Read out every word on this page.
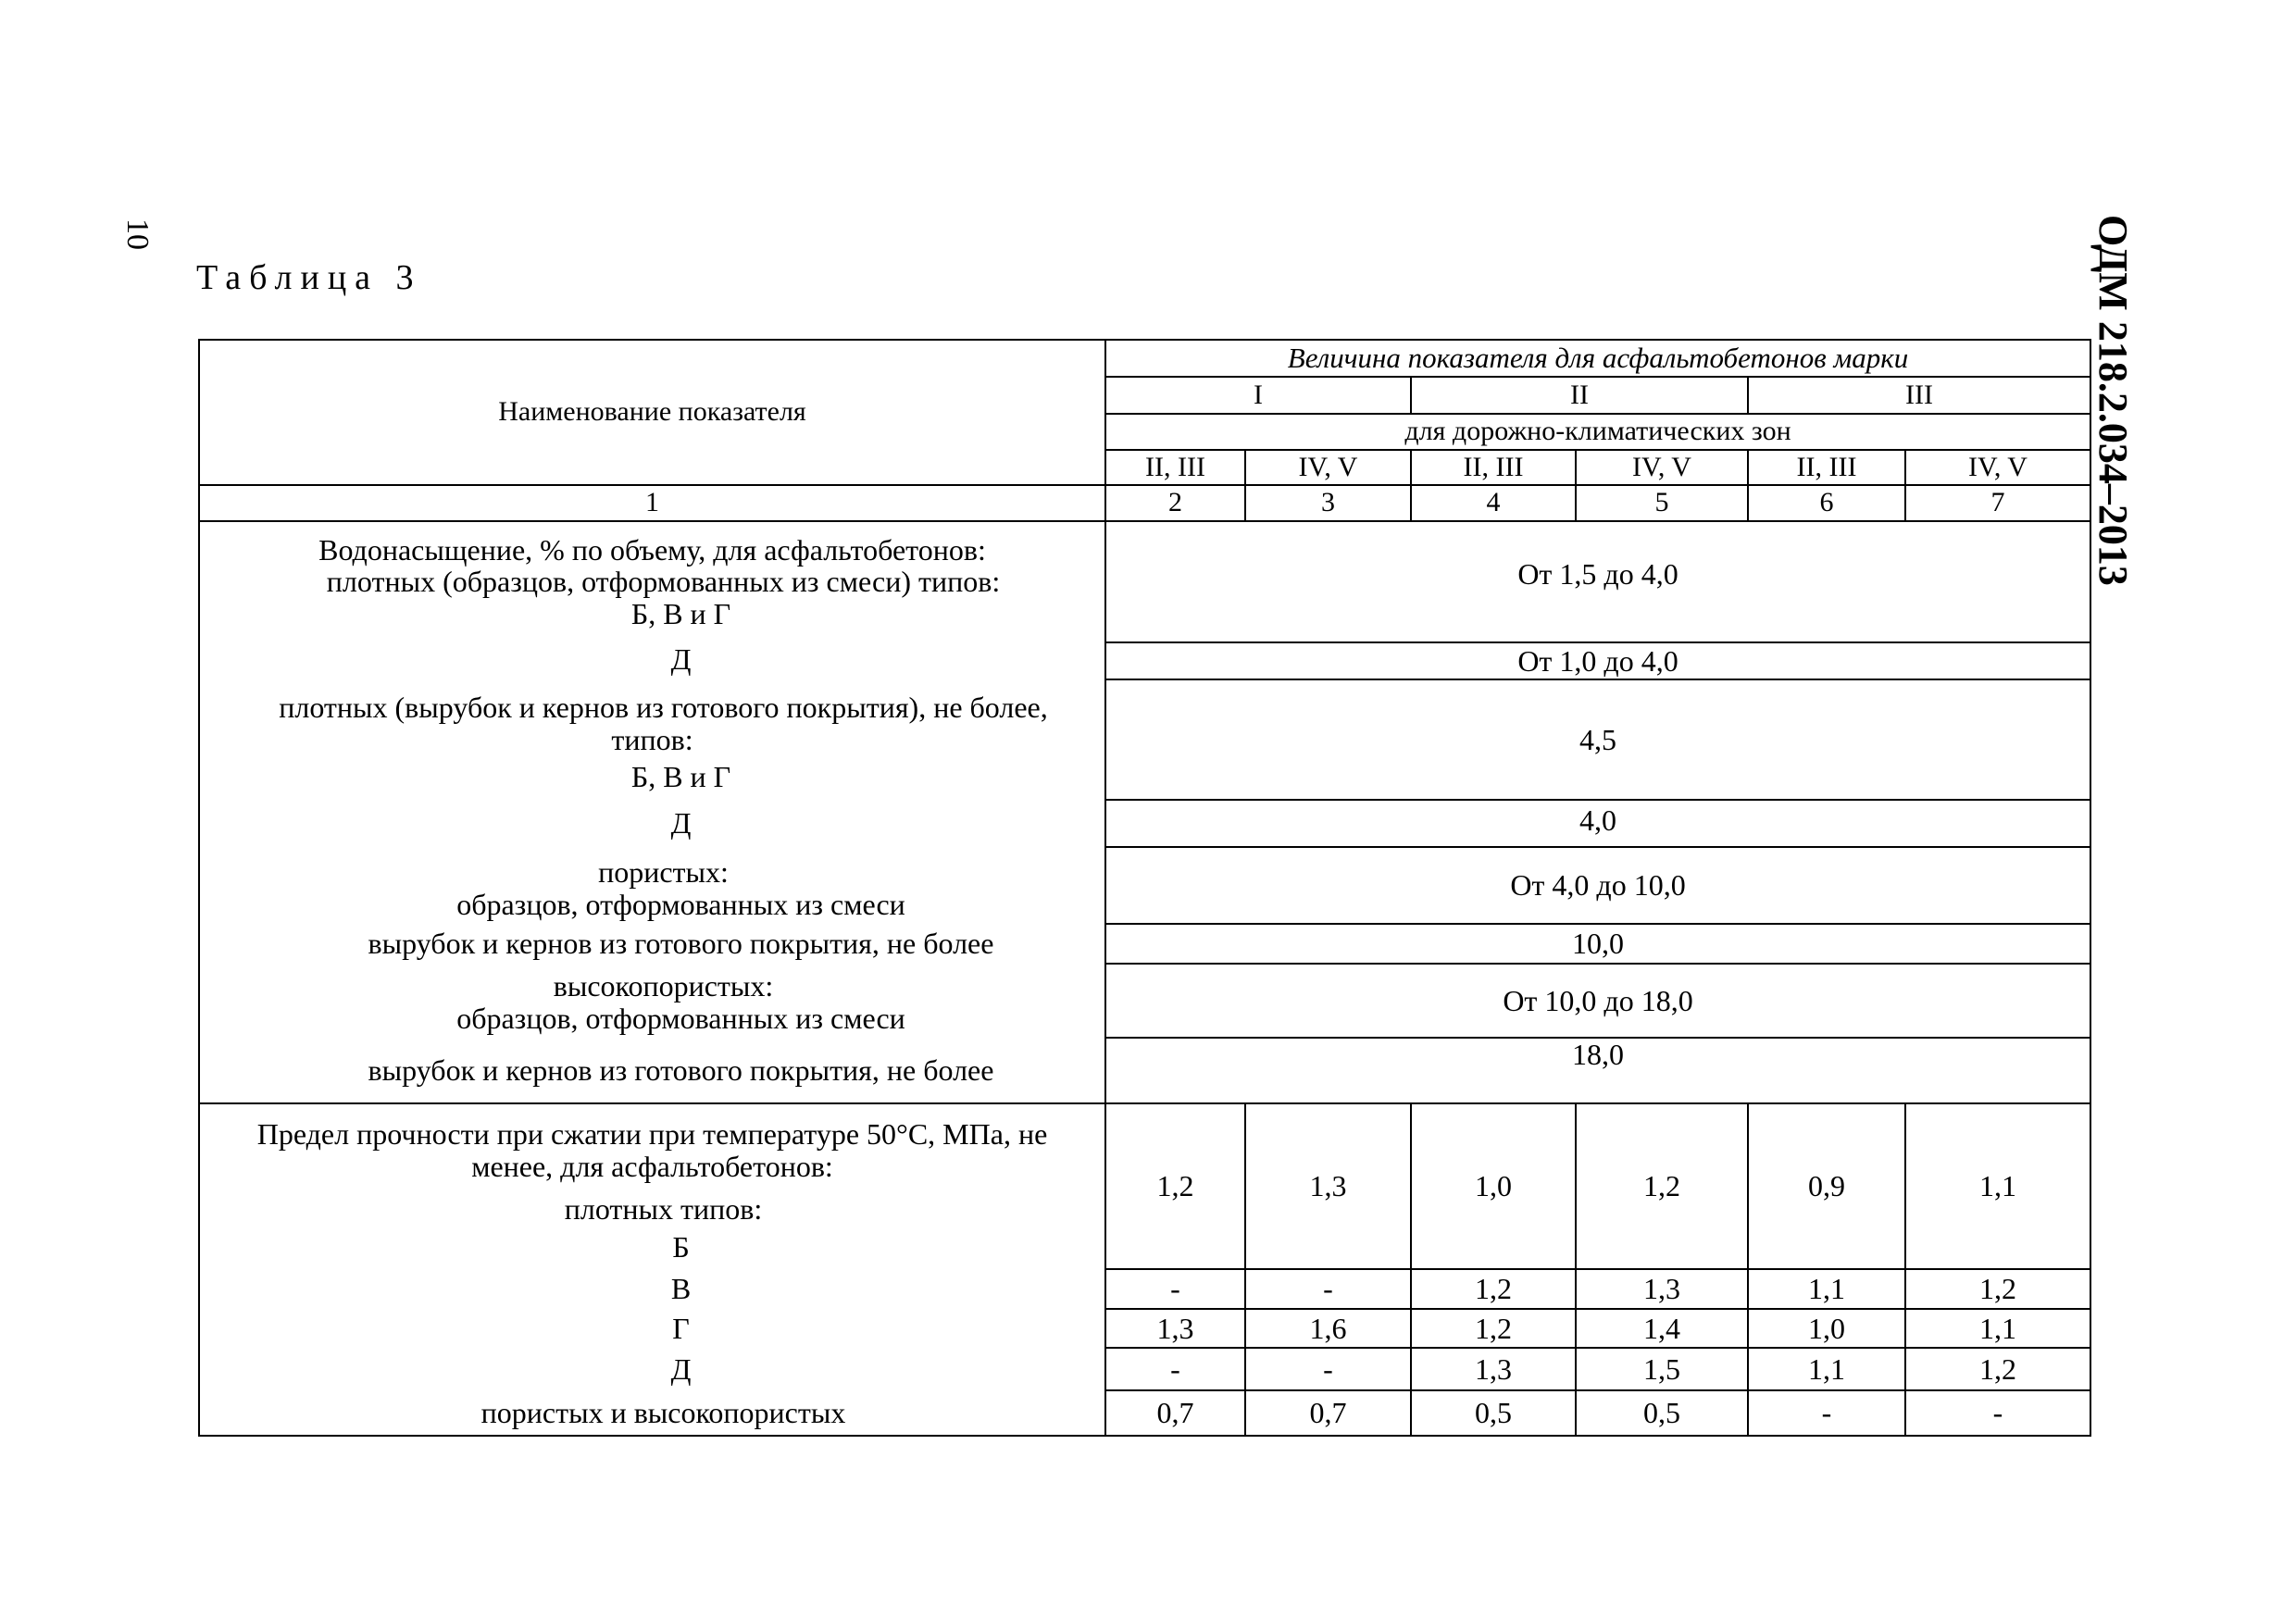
10	ОДМ 218.2.034–2013
Таблица 3
Наименование показателя	Величина показателя для асфальтобетонов марки					
	I		II		III	
	для дорожно-климатических зон					
	II, III	IV, V	II, III	IV, V	II, III	IV, V
1	2	3	4	5	6	7

Водонасыщение, % по объему, для асфальтобетонов:
плотных (образцов, отформованных из смеси) типов:
Б, В и Г	От 1,5 до 4,0					

Д	От 1,0 до 4,0					

плотных (вырубок и кернов из готового покрытия), не более,
типов:
Б, В и Г	4,5					

Д	4,0					

пористых:
образцов, отформованных из смеси	От 4,0 до 10,0					

вырубок и кернов из готового покрытия, не более	10,0					

высокопористых:
образцов, отформованных из смеси	От 10,0 до 18,0					

вырубок и кернов из готового покрытия, не более	18,0					

Предел прочности при сжатии при температуре 50°С, МПа, не
менее, для асфальтобетонов:
плотных типов:
Б	1,2	1,3	1,0	1,2	0,9	1,1

В	-	-	1,2	1,3	1,1	1,2

Г	1,3	1,6	1,2	1,4	1,0	1,1

Д	-	-	1,3	1,5	1,1	1,2

пористых и высокопористых	0,7	0,7	0,5	0,5	-	-
